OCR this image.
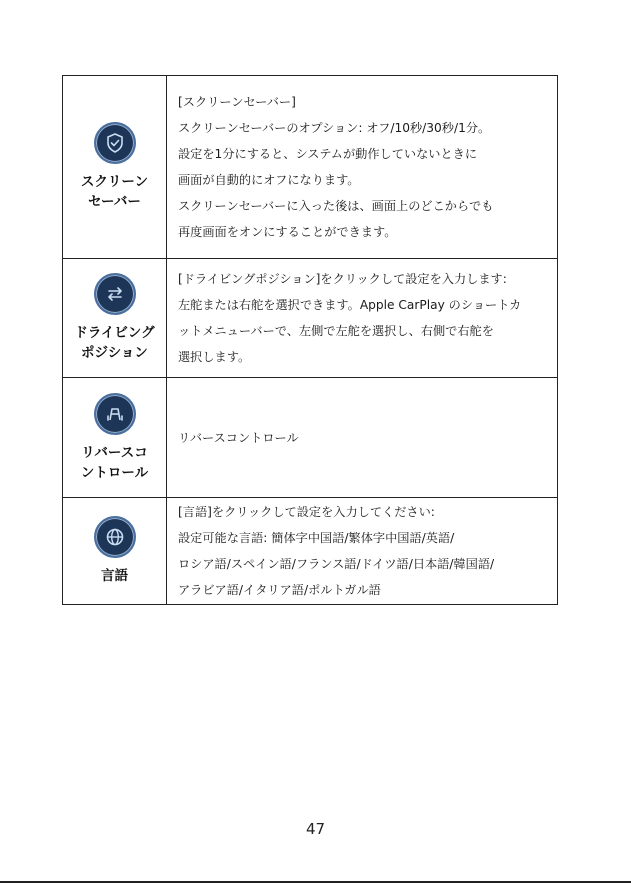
スクリーン
セーバー
[スクリーンセーバー]
スクリーンセーバーのオプション: オフ/10秒/30秒/1分。
設定を1分にすると、システムが動作していないときに
画面が自動的にオフになります。
スクリーンセーバーに入った後は、画面上のどこからでも
再度画面をオンにすることができます。
ドライビング
ポジション
[ドライビングポジション]をクリックして設定を入力します:
左舵または右舵を選択できます。Apple CarPlay のショートカ
ットメニューバーで、左側で左舵を選択し、右側で右舵を
選択します。
リバースコ
ントロール
リバースコントロール
言語
[言語]をクリックして設定を入力してください:
設定可能な言語: 簡体字中国語/繁体字中国語/英語/
ロシア語/スペイン語/フランス語/ドイツ語/日本語/韓国語/
アラビア語/イタリア語/ポルトガル語
47
